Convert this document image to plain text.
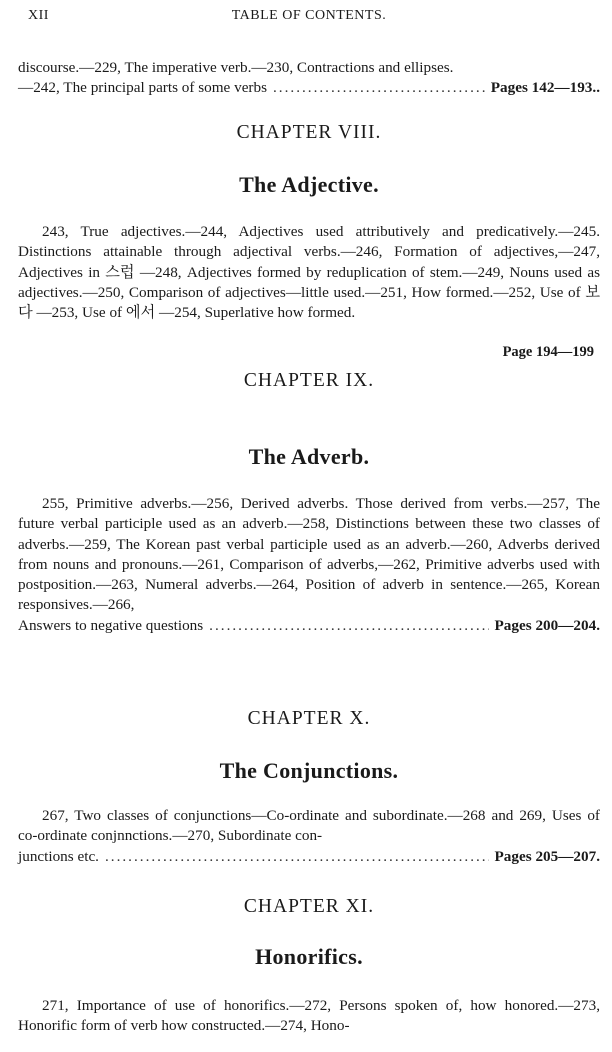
XII	TABLE OF CONTENTS.

discourse.—229, The imperative verb.—230, Contractions and ellipses.

—242, The principal parts of some verbs .....	Pages 142—193..
CHAPTER VIII.
The Adjective.

243, True adjectives.—244, Adjectives used attributively and predicatively.—245. Distinctions attainable through adjectival verbs.—246, Formation of adjectives,—247, Adjectives in 스럽 —248, Adjectives formed by reduplication of stem.—249, Nouns used as adjectives.—250, Comparison of adjectives—little used.—251, How formed.—252, Use of 보다 —253, Use of 에서 —254, Superlative how formed.

Page 194—199
CHAPTER IX.
The Adverb.

255, Primitive adverbs.—256, Derived adverbs. Those derived from verbs.—257, The future verbal participle used as an adverb.—258, Distinctions between these two classes of adverbs.—259, The Korean past verbal participle used as an adverb.—260, Adverbs derived from nouns and pronouns.—261, Comparison of adverbs,—262, Primitive adverbs used with postposition.—263, Numeral adverbs.—264, Position of adverb in sentence.—265, Korean responsives.—266,

Answers to negative questions .....	Pages 200—204.
CHAPTER X.
The Conjunctions.

267, Two classes of conjunctions—Co-ordinate and subordinate.—268 and 269, Uses of co-ordinate conjnnctions.—270, Subordinate con-

junctions etc. .....	Pages 205—207.
CHAPTER XI.
Honorifics.

271, Importance of use of honorifics.—272, Persons spoken of, how honored.—273, Honorific form of verb how constructed.—274, Hono-
